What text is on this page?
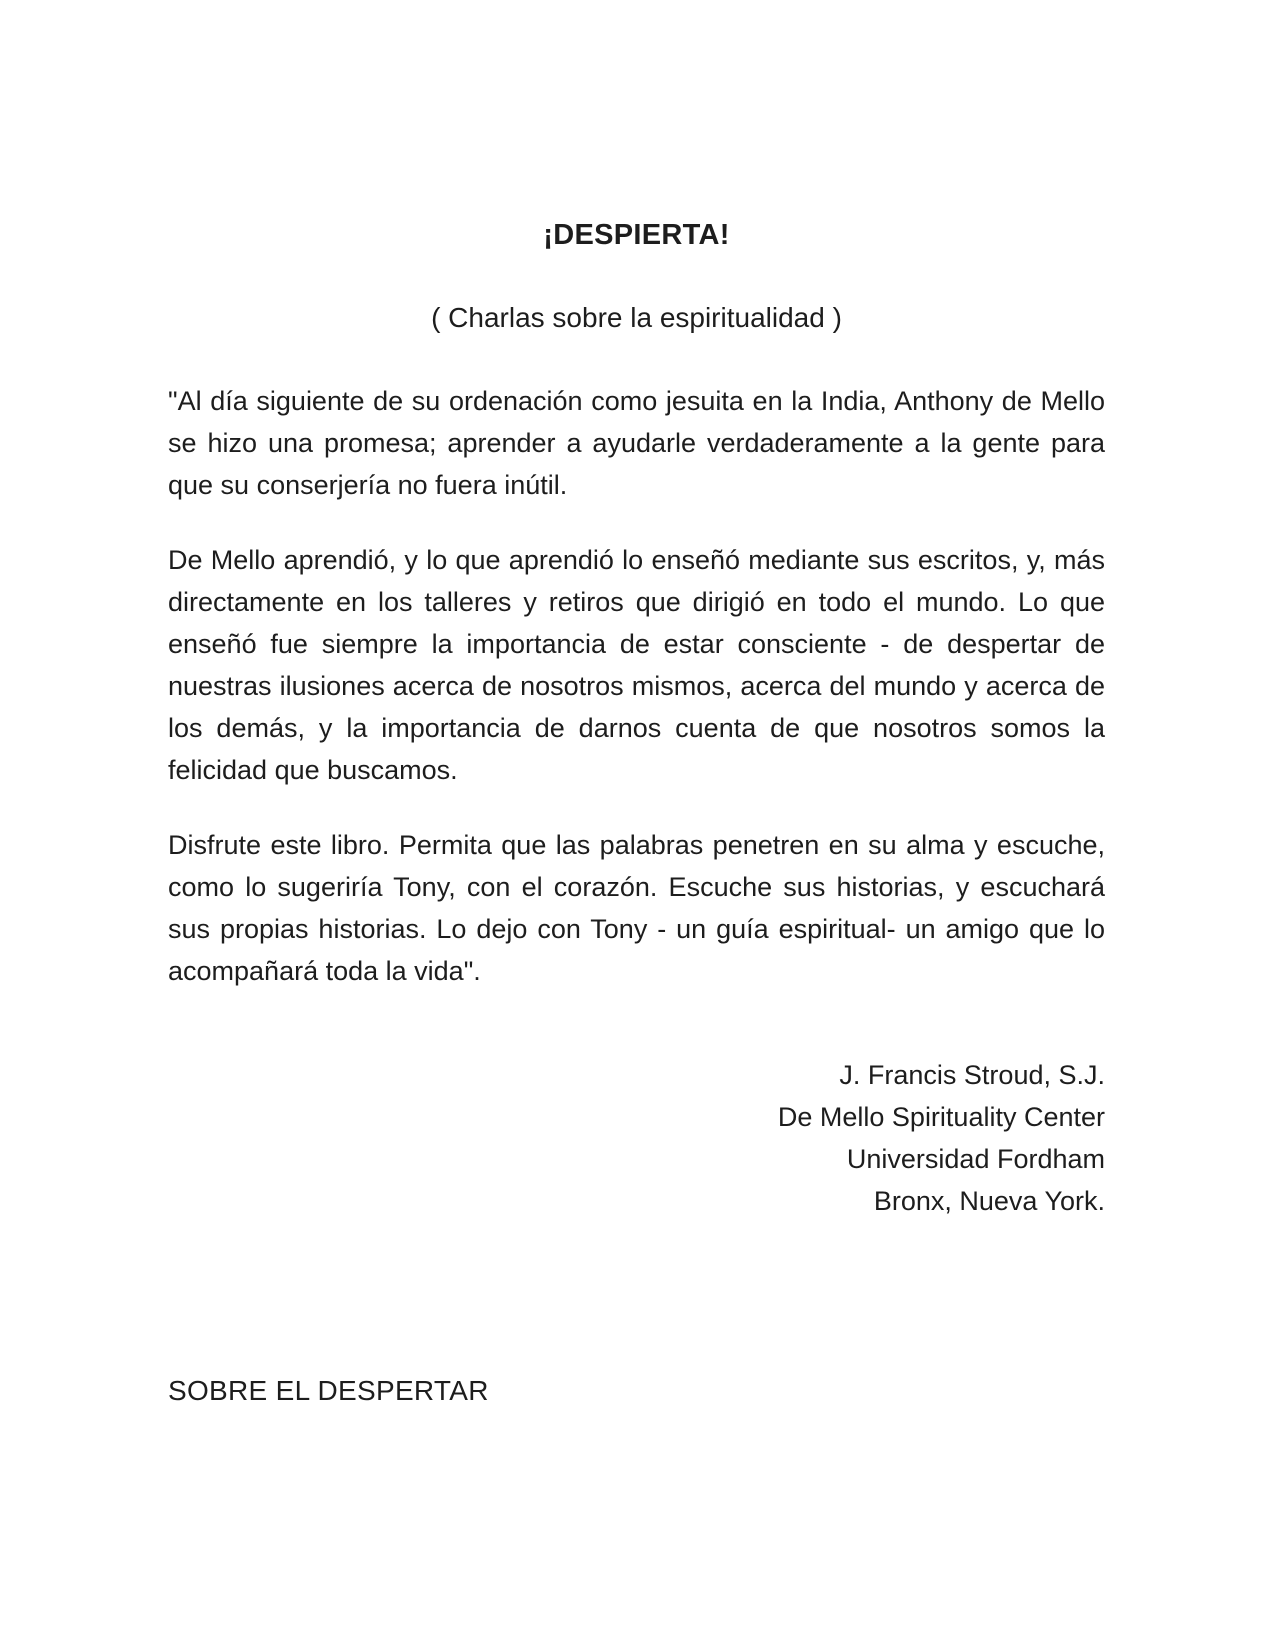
¡DESPIERTA!
( Charlas sobre la espiritualidad )

"Al día siguiente de su ordenación como jesuita en la India, Anthony de Mello se hizo una promesa; aprender a ayudarle verdaderamente a la gente para que su conserjería no fuera inútil.

De Mello aprendió, y lo que aprendió lo enseñó mediante sus escritos, y, más directamente en los talleres y retiros que dirigió en todo el mundo. Lo que enseñó fue siempre la importancia de estar consciente - de despertar de nuestras ilusiones acerca de nosotros mismos, acerca del mundo y acerca de los demás, y la importancia de darnos cuenta de que nosotros somos la felicidad que buscamos.

Disfrute este libro. Permita que las palabras penetren en su alma y escuche, como lo sugeriría Tony, con el corazón. Escuche sus historias, y escuchará sus propias historias. Lo dejo con Tony - un guía espiritual- un amigo que lo acompañará toda la vida".

J. Francis Stroud, S.J.
De Mello Spirituality Center
Universidad Fordham
Bronx, Nueva York.
SOBRE EL DESPERTAR
